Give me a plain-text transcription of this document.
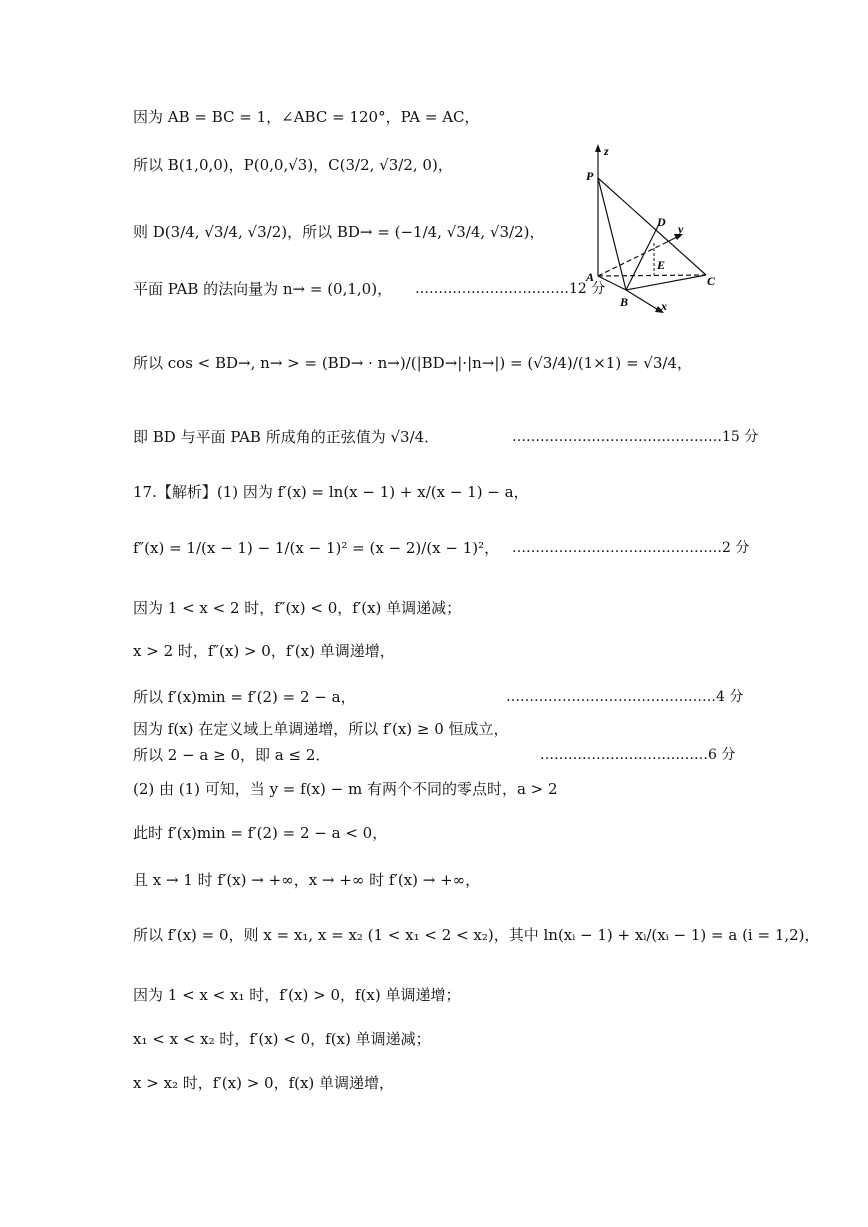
因为 AB = BC = 1，∠ABC = 120°，PA = AC，
所以 B(1,0,0)，P(0,0,√3)，C(3/2, √3/2, 0)，
则 D(3/4, √3/4, √3/2)，所以 BD→ = (−1/4, √3/4, √3/2)，
平面 PAB 的法向量为 n→ = (0,1,0)， ……………………………12 分
所以 cos < BD→, n→ > = (BD→ · n→)/(|BD→|·|n→|) = (√3/4)/(1×1) = √3/4，
即 BD 与平面 PAB 所成角的正弦值为 √3/4．	………………………………………15 分
17.【解析】(1) 因为 f′(x) = ln(x − 1) + x/(x − 1) − a，
f″(x) = 1/(x − 1) − 1/(x − 1)² = (x − 2)/(x − 1)²， ………………………………………2 分
因为 1 < x < 2 时，f″(x) < 0，f′(x) 单调递减；
x > 2 时，f″(x) > 0，f′(x) 单调递增，
所以 f′(x)min = f′(2) = 2 − a，	………………………………………4 分
因为 f(x) 在定义域上单调递增，所以 f′(x) ≥ 0 恒成立，
所以 2 − a ≥ 0，即 a ≤ 2．	………………………………6 分
(2) 由 (1) 可知，当 y = f(x) − m 有两个不同的零点时，a > 2
此时 f′(x)min = f′(2) = 2 − a < 0，
且 x → 1 时 f′(x) → +∞，x → +∞ 时 f′(x) → +∞，
所以 f′(x) = 0，则 x = x₁, x = x₂ (1 < x₁ < 2 < x₂)，其中 ln(xᵢ − 1) + xᵢ/(xᵢ − 1) = a (i = 1,2)，
因为 1 < x < x₁ 时，f′(x) > 0，f(x) 单调递增；
x₁ < x < x₂ 时，f′(x) < 0，f(x) 单调递减；
x > x₂ 时，f′(x) > 0，f(x) 单调递增，
z
P
D y
E
A	C
B	x
